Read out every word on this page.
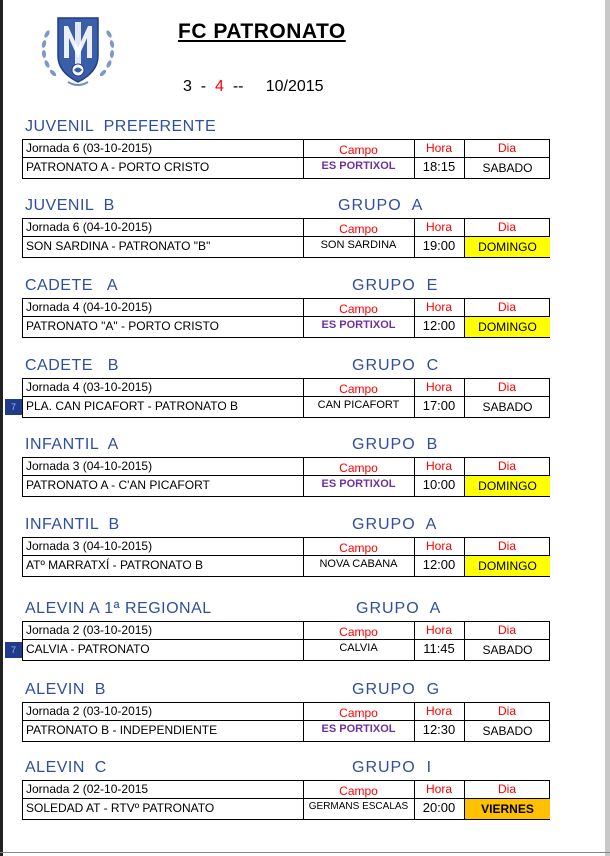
FC PATRONATO
3 - 4 -- 10/2015
JUVENIL  PREFERENTE
Jornada 6 (03-10-2015)	Campo	Hora	Dia
PATRONATO A - PORTO CRISTO	ES PORTIXOL	18:15	SABADO
JUVENIL  B	GRUPO  A
Jornada 6 (04-10-2015)	Campo	Hora	Dia
SON SARDINA - PATRONATO "B"	SON SARDINA	19:00	DOMINGO
CADETE   A	GRUPO  E
Jornada 4 (04-10-2015)	Campo	Hora	Dia
PATRONATO "A" - PORTO CRISTO	ES PORTIXOL	12:00	DOMINGO
CADETE   B	GRUPO  C
7
Jornada 4 (03-10-2015)	Campo	Hora	Dia
PLA. CAN PICAFORT - PATRONATO B	CAN PICAFORT	17:00	SABADO
INFANTIL  A	GRUPO  B
Jornada 3 (04-10-2015)	Campo	Hora	Dia
PATRONATO A - C'AN PICAFORT	ES PORTIXOL	10:00	DOMINGO
INFANTIL  B	GRUPO  A
Jornada 3 (04-10-2015)	Campo	Hora	Dia
ATº MARRATXÍ - PATRONATO B	NOVA CABANA	12:00	DOMINGO
ALEVIN A 1ª REGIONAL	GRUPO  A
7
Jornada 2 (03-10-2015)	Campo	Hora	Dia
CALVIA - PATRONATO	CALVIA	11:45	SABADO
ALEVIN  B	GRUPO  G
Jornada 2 (03-10-2015)	Campo	Hora	Dia
PATRONATO B - INDEPENDIENTE	ES PORTIXOL	12:30	SABADO
ALEVIN  C	GRUPO  I
Jornada 2 (02-10-2015	Campo	Hora	Dia
SOLEDAD AT - RTVº PATRONATO	GERMANS ESCALAS	20:00	VIERNES
